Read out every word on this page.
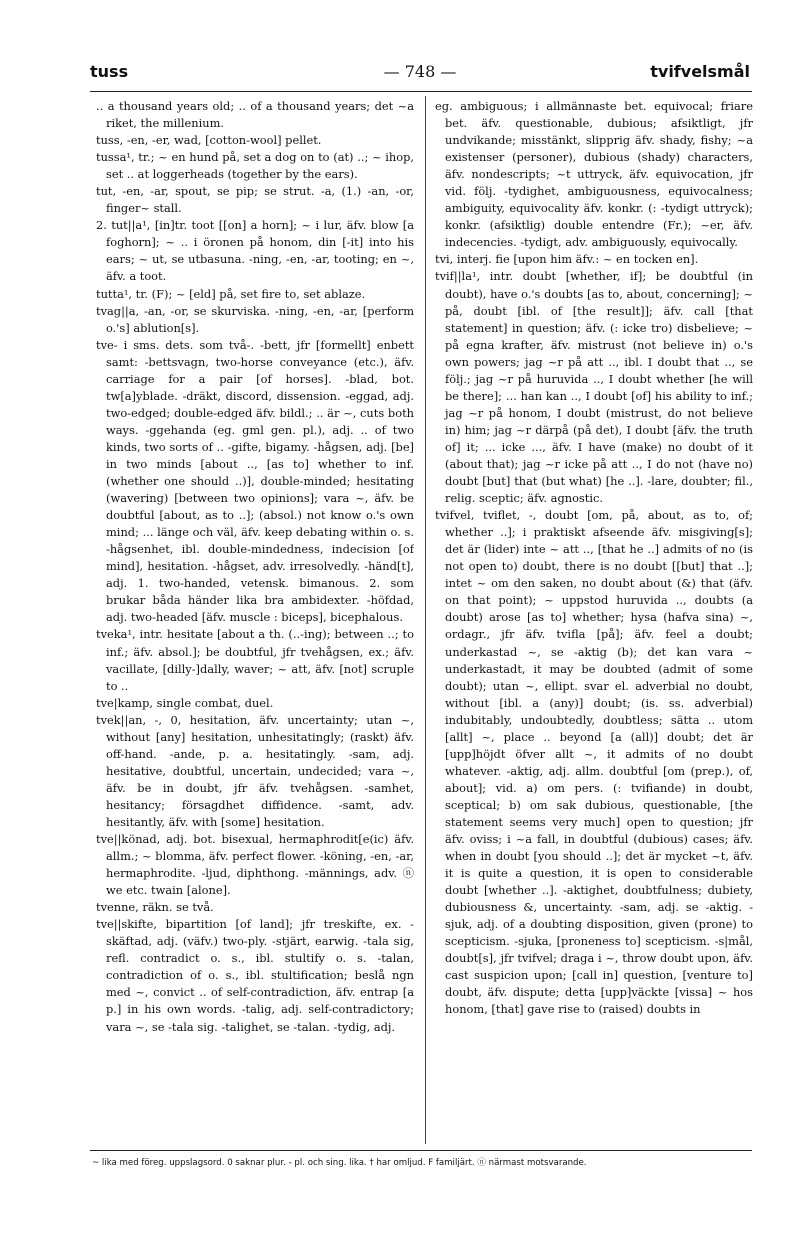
tuss	— 748 —	tvifvelsmål

.. a thousand years old; .. of a thousand years; det ~a riket, the millenium.

tuss, -en, -er, wad, [cotton-wool] pellet.

tussa¹, tr.; ~ en hund på, set a dog on to (at) ..; ~ ihop, set .. at loggerheads (together by the ears).

tut, -en, -ar, spout, se pip; se strut. -a, (1.) -an, -or, finger~ stall.

2. tut||a¹, [in]tr. toot [[on] a horn]; ~ i lur, äfv. blow [a foghorn]; ~ .. i öronen på honom, din [-it] into his ears; ~ ut, se utbasuna. -ning, -en, -ar, tooting; en ~, äfv. a toot.

tutta¹, tr. (F); ~ [eld] på, set fire to, set ablaze.

tvag||a, -an, -or, se skurviska. -ning, -en, -ar, [perform o.'s] ablution[s].

tve- i sms. dets. som två-. -bett, jfr [formellt] enbett samt: -bettsvagn, two-horse conveyance (etc.), äfv. carriage for a pair [of horses]. -blad, bot. tw[a]yblade. -dräkt, discord, dissension. -eggad, adj. two-edged; double-edged äfv. bildl.; .. är ~, cuts both ways. -ggehanda (eg. gml gen. pl.), adj. .. of two kinds, two sorts of .. -gifte, bigamy. -hågsen, adj. [be] in two minds [about .., [as to] whether to inf. (whether one should ..)], double-minded; hesitating (wavering) [between two opinions]; vara ~, äfv. be doubtful [about, as to ..]; (absol.) not know o.'s own mind; ... länge och väl, äfv. keep debating within o. s. -hågsenhet, ibl. double-mindedness, indecision [of mind], hesitation. -hågset, adv. irresolvedly. -händ[t], adj. 1. two-handed, vetensk. bimanous. 2. som brukar båda händer lika bra ambidexter. -höfdad, adj. two-headed [äfv. muscle : biceps], bicephalous.

tveka¹, intr. hesitate [about a th. (..-ing); between ..; to inf.; äfv. absol.]; be doubtful, jfr tvehågsen, ex.; äfv. vacillate, [dilly-]dally, waver; ~ att, äfv. [not] scruple to ..

tve|kamp, single combat, duel.

tvek||an, -, 0, hesitation, äfv. uncertainty; utan ~, without [any] hesitation, unhesitatingly; (raskt) äfv. off-hand. -ande, p. a. hesitatingly. -sam, adj. hesitative, doubtful, uncertain, undecided; vara ~, äfv. be in doubt, jfr äfv. tvehågsen. -samhet, hesitancy; försagdhet diffidence. -samt, adv. hesitantly, äfv. with [some] hesitation.

tve||könad, adj. bot. bisexual, hermaphrodit[e(ic) äfv. allm.; ~ blomma, äfv. perfect flower. -köning, -en, -ar, hermaphrodite. -ljud, diphthong. -männings, adv. ⓝ we etc. twain [alone].

tvenne, räkn. se två.

tve||skifte, bipartition [of land]; jfr treskifte, ex. -skäftad, adj. (väfv.) two-ply. -stjärt, earwig. -tala sig, refl. contradict o. s., ibl. stultify o. s. -talan, contradiction of o. s., ibl. stultification; beslå ngn med ~, convict .. of self-contradiction, äfv. entrap [a p.] in his own words. -talig, adj. self-contradictory; vara ~, se -tala sig. -talighet, se -talan. -tydig, adj.

eg. ambiguous; i allmännaste bet. equivocal; friare bet. äfv. questionable, dubious; afsiktligt, jfr undvikande; misstänkt, slipprig äfv. shady, fishy; ~a existenser (personer), dubious (shady) characters, äfv. nondescripts; ~t uttryck, äfv. equivocation, jfr vid. följ. -tydighet, ambiguousness, equivocalness; ambiguity, equivocality äfv. konkr. (: -tydigt uttryck); konkr. (afsiktlig) double entendre (Fr.); ~er, äfv. indecencies. -tydigt, adv. ambiguously, equivocally.

tvi, interj. fie [upon him äfv.: ~ en tocken en].

tvif||la¹, intr. doubt [whether, if]; be doubtful (in doubt), have o.'s doubts [as to, about, concerning]; ~ på, doubt [ibl. of [the result]]; äfv. call [that statement] in question; äfv. (: icke tro) disbelieve; ~ på egna krafter, äfv. mistrust (not believe in) o.'s own powers; jag ~r på att .., ibl. I doubt that .., se följ.; jag ~r på huruvida .., I doubt whether [he will be there]; ... han kan .., I doubt [of] his ability to inf.; jag ~r på honom, I doubt (mistrust, do not believe in) him; jag ~r därpå (på det), I doubt [äfv. the truth of] it; ... icke ..., äfv. I have (make) no doubt of it (about that); jag ~r icke på att .., I do not (have no) doubt [but] that (but what) [he ..]. -lare, doubter; fil., relig. sceptic; äfv. agnostic.

tvifvel, tviflet, -, doubt [om, på, about, as to, of; whether ..]; i praktiskt afseende äfv. misgiving[s]; det är (lider) inte ~ att .., [that he ..] admits of no (is not open to) doubt, there is no doubt [[but] that ..]; intet ~ om den saken, no doubt about (&) that (äfv. on that point); ~ uppstod huruvida .., doubts (a doubt) arose [as to] whether; hysa (hafva sina) ~, ordagr., jfr äfv. tvifla [på]; äfv. feel a doubt; underkastad ~, se -aktig (b); det kan vara ~ underkastadt, it may be doubted (admit of some doubt); utan ~, ellipt. svar el. adverbial no doubt, without [ibl. a (any)] doubt; (is. ss. adverbial) indubitably, undoubtedly, doubtless; sätta .. utom [allt] ~, place .. beyond [a (all)] doubt; det är [upp]höjdt öfver allt ~, it admits of no doubt whatever. -aktig, adj. allm. doubtful [om (prep.), of, about]; vid. a) om pers. (: tvifiande) in doubt, sceptical; b) om sak dubious, questionable, [the statement seems very much] open to question; jfr äfv. oviss; i ~a fall, in doubtful (dubious) cases; äfv. when in doubt [you should ..]; det är mycket ~t, äfv. it is quite a question, it is open to considerable doubt [whether ..]. -aktighet, doubtfulness; dubiety, dubiousness &, uncertainty. -sam, adj. se -aktig. -sjuk, adj. of a doubting disposition, given (prone) to scepticism. -sjuka, [proneness to] scepticism. -s|mål, doubt[s], jfr tvifvel; draga i ~, throw doubt upon, äfv. cast suspicion upon; [call in] question, [venture to] doubt, äfv. dispute; detta [upp]väckte [vissa] ~ hos honom, [that] gave rise to (raised) doubts in

~ lika med föreg. uppslagsord. 0 saknar plur. - pl. och sing. lika. † har omljud. F familjärt. ⓝ närmast motsvarande.
